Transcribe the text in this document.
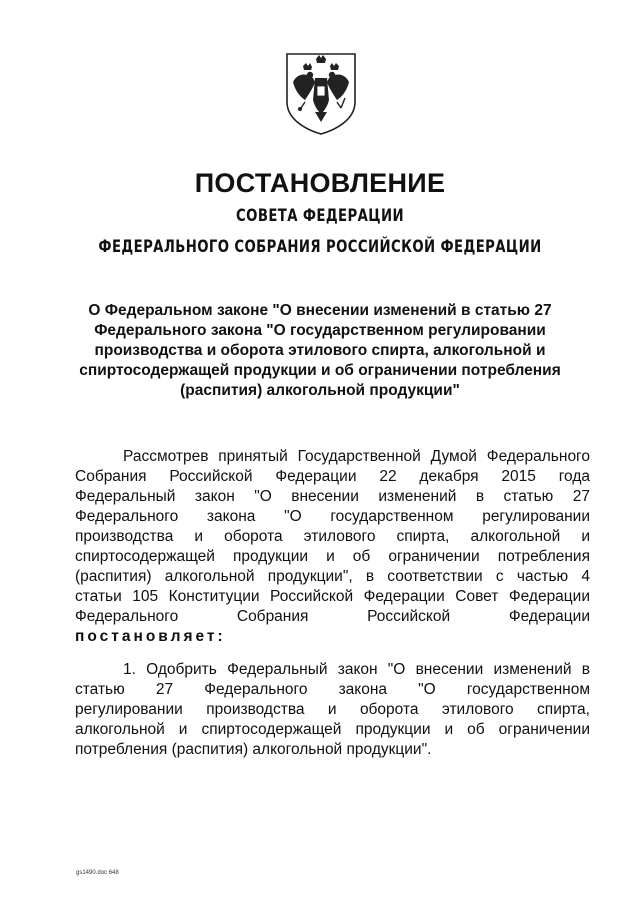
ПОСТАНОВЛЕНИЕ
СОВЕТА ФЕДЕРАЦИИ
ФЕДЕРАЛЬНОГО СОБРАНИЯ РОССИЙСКОЙ ФЕДЕРАЦИИ
О Федеральном законе "О внесении изменений в статью 27
Федерального закона "О государственном регулировании
производства и оборота этилового спирта, алкогольной и
спиртосодержащей продукции и об ограничении потребления
(распития) алкогольной продукции"
Рассмотрев принятый Государственной Думой Федерального
Собрания Российской Федерации 22 декабря 2015 года
Федеральный закон "О внесении изменений в статью 27
Федерального закона "О государственном регулировании
производства и оборота этилового спирта, алкогольной и
спиртосодержащей продукции и об ограничении потребления
(распития) алкогольной продукции", в соответствии с частью 4
статьи 105 Конституции Российской Федерации Совет Федерации
Федерального Собрания Российской Федерации
постановляет:
1. Одобрить Федеральный закон "О внесении изменений в
статью 27 Федерального закона "О государственном
регулировании производства и оборота этилового спирта,
алкогольной и спиртосодержащей продукции и об ограничении
потребления (распития) алкогольной продукции".
gs1490.doc 648
